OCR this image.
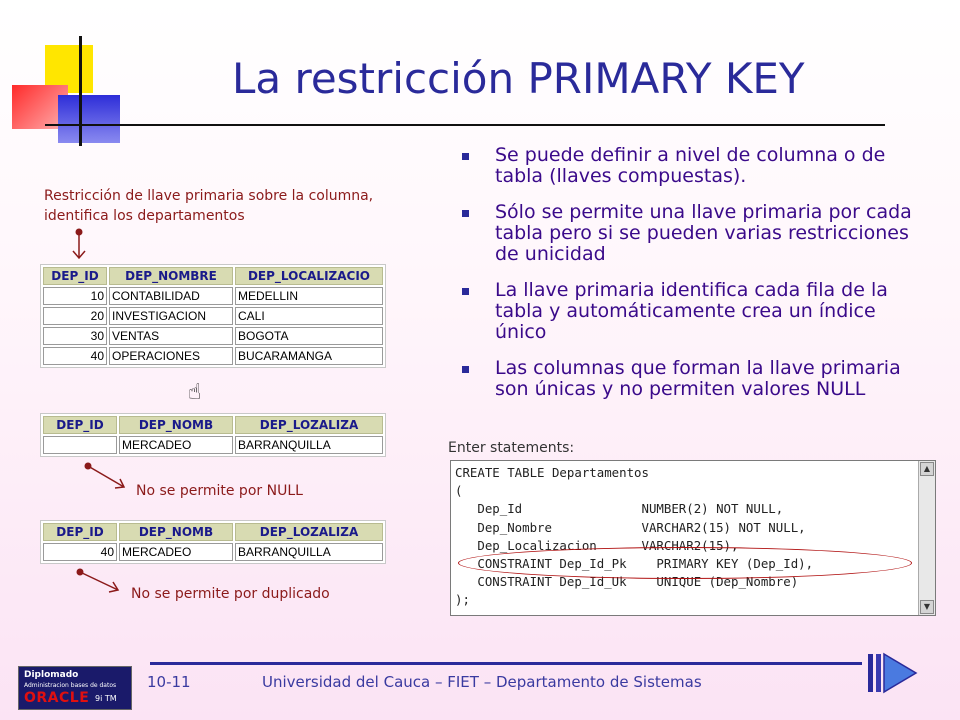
La restricción PRIMARY KEY
Se puede definir a nivel de columna o de tabla (llaves compuestas).
Sólo se permite una llave primaria por cada tabla pero si se pueden varias restricciones de unicidad
La llave primaria identifica cada fila de la tabla y automáticamente crea un índice único
Las columnas que forman la llave primaria son únicas y no permiten valores NULL
Restricción de llave primaria sobre la columna, identifica los departamentos
DEP_ID	DEP_NOMBRE	DEP_LOCALIZACIO
10	CONTABILIDAD	MEDELLIN
20	INVESTIGACION	CALI
30	VENTAS	BOGOTA
40	OPERACIONES	BUCARAMANGA
☝
DEP_ID	DEP_NOMB	DEP_LOZALIZA
	MERCADEO	BARRANQUILLA
No se permite por NULL
DEP_ID	DEP_NOMB	DEP_LOZALIZA
40	MERCADEO	BARRANQUILLA
No se permite por duplicado
Enter statements:
CREATE TABLE Departamentos
(
Dep_Id                NUMBER(2) NOT NULL,
Dep_Nombre            VARCHAR2(15) NOT NULL,
Dep_Localizacion      VARCHAR2(15),
CONSTRAINT Dep_Id_Pk    PRIMARY KEY (Dep_Id),
CONSTRAINT Dep_Id_Uk    UNIQUE (Dep_Nombre)
);
▲
▼
Diplomado
Administracion bases de datos
ORACLE 9i TM
10-11	Universidad del Cauca – FIET – Departamento de Sistemas
